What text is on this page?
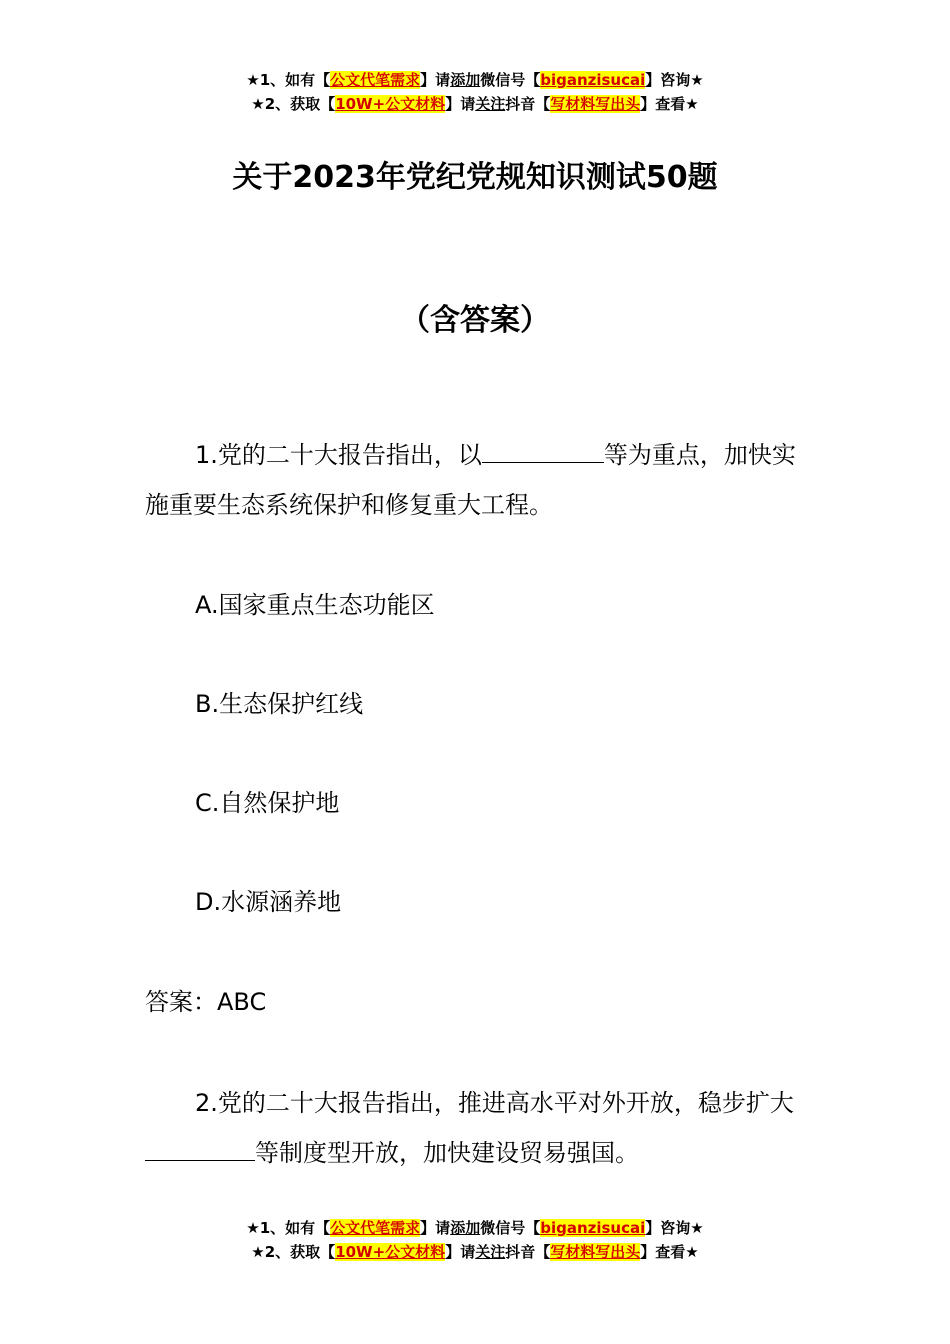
★1、如有【公文代笔需求】请添加微信号【biganzisucai】咨询★
★2、获取【10W+公文材料】请关注抖音【写材料写出头】查看★
关于2023年党纪党规知识测试50题
（含答案）
1.党的二十大报告指出，以	等为重点，加快实施重要生态系统保护和修复重大工程。
A.国家重点生态功能区
B.生态保护红线
C.自然保护地
D.水源涵养地
答案：ABC
2.党的二十大报告指出，推进高水平对外开放，稳步扩大等制度型开放，加快建设贸易强国。
★1、如有【公文代笔需求】请添加微信号【biganzisucai】咨询★
★2、获取【10W+公文材料】请关注抖音【写材料写出头】查看★
